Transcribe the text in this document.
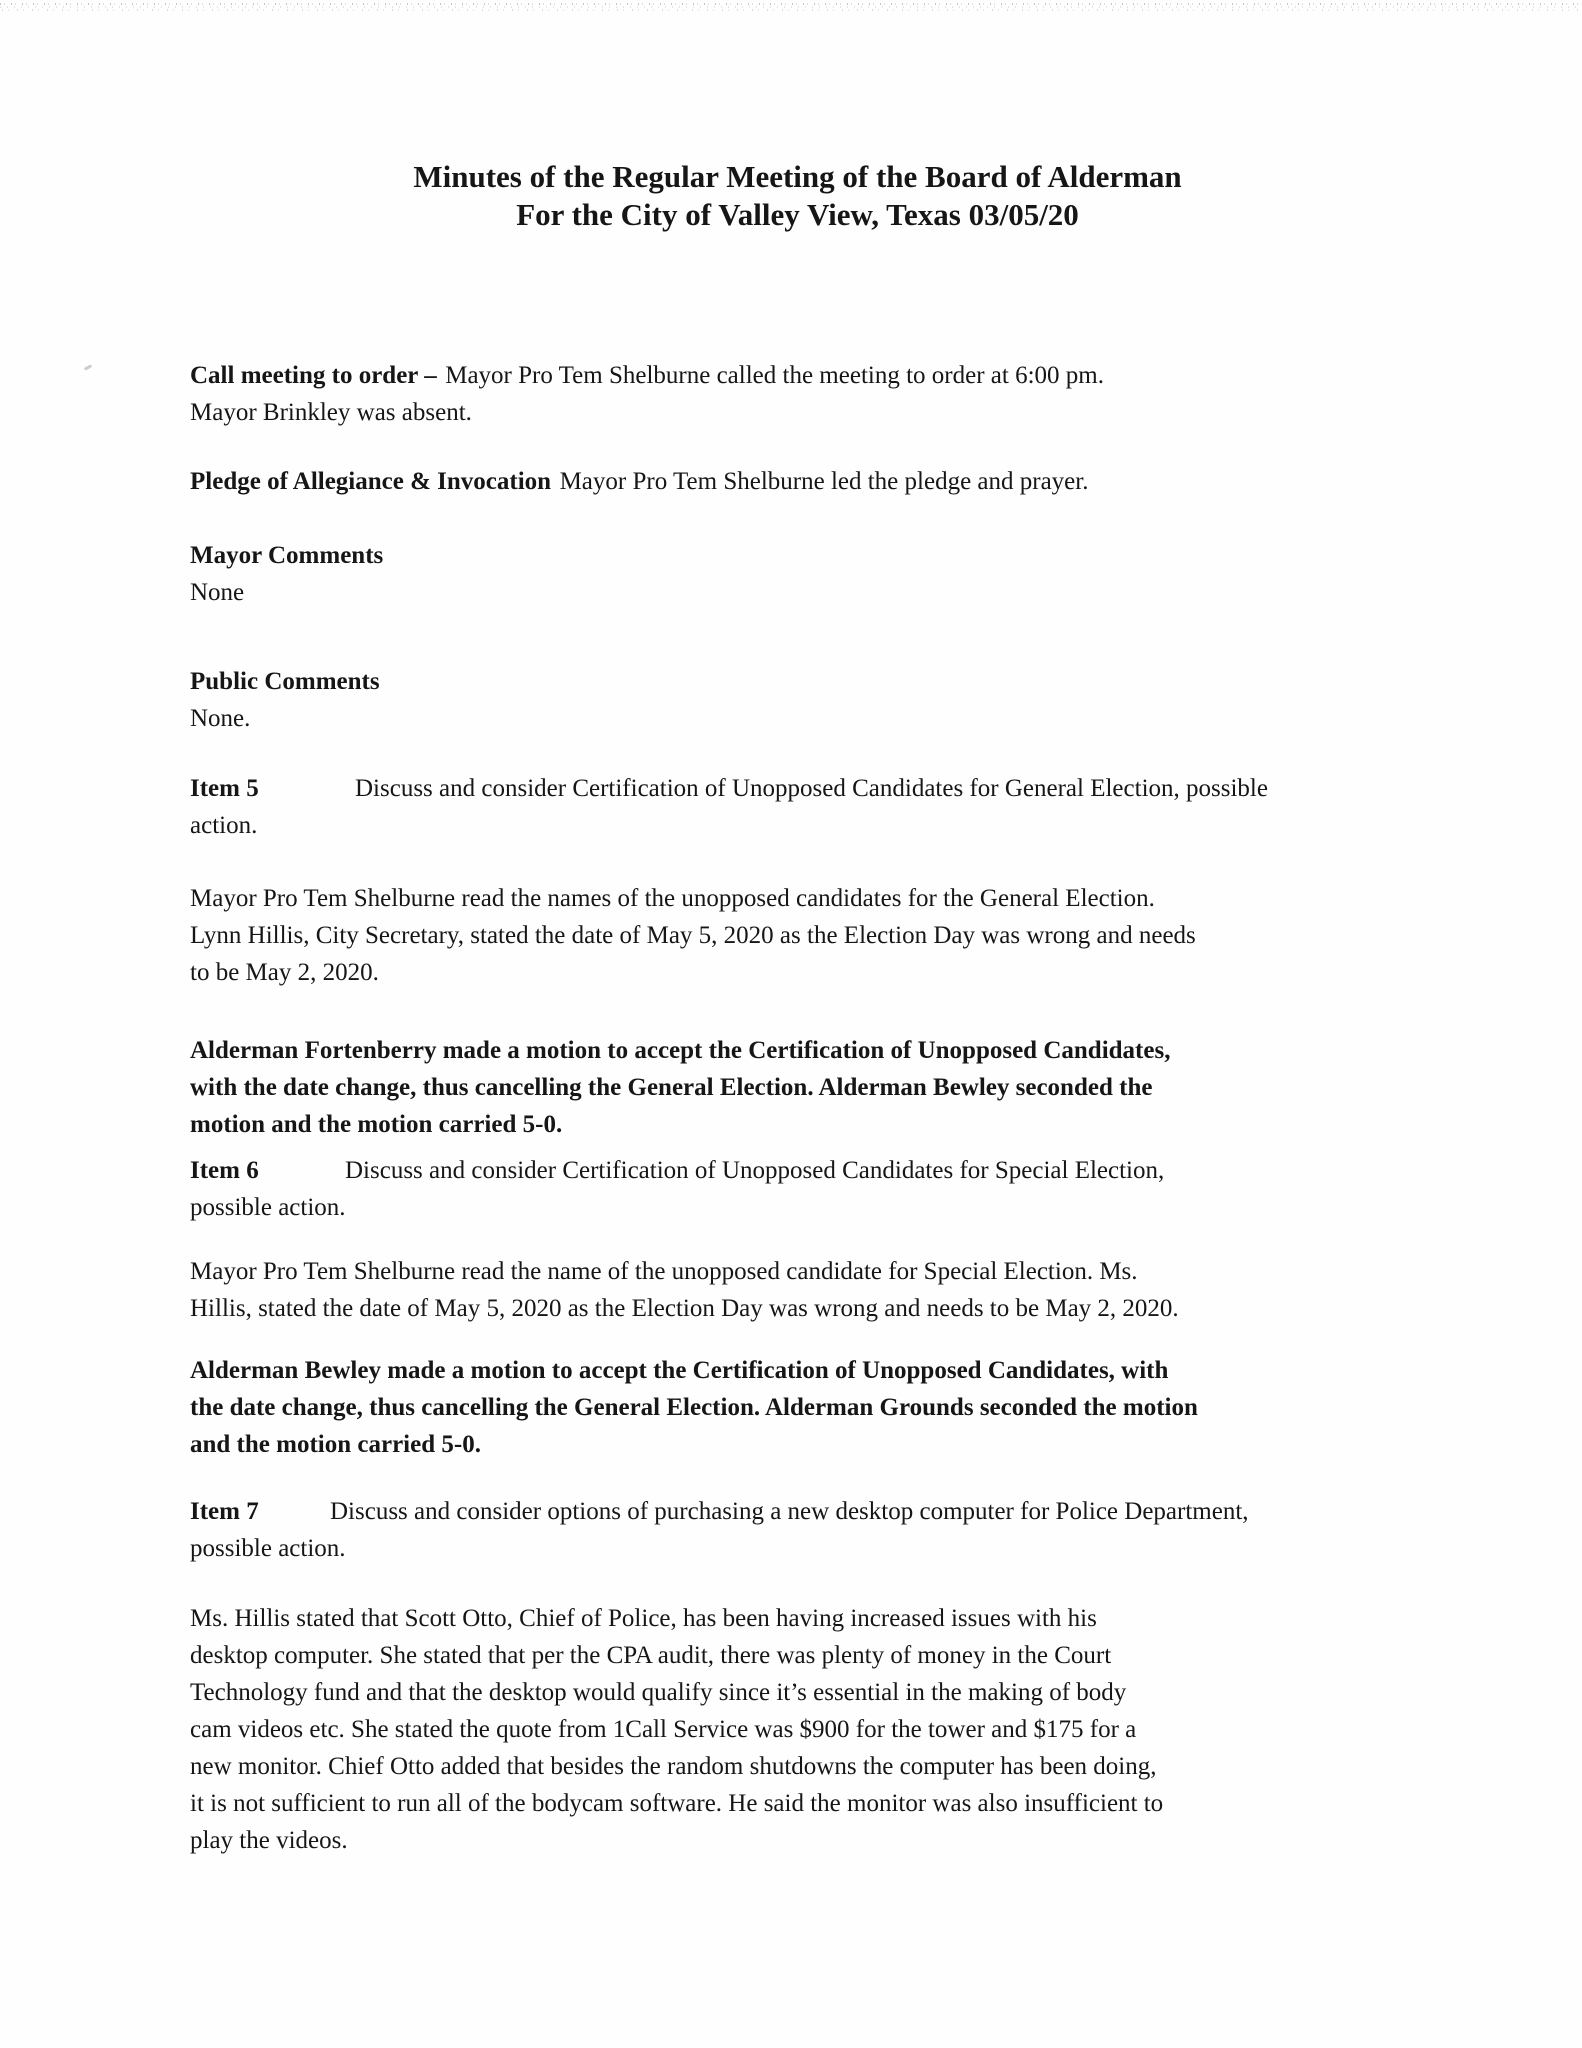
Minutes of the Regular Meeting of the Board of Alderman
For the City of Valley View, Texas 03/05/20

Call meeting to order – Mayor Pro Tem Shelburne called the meeting to order at 6:00 pm.
Mayor Brinkley was absent.

Pledge of Allegiance & Invocation Mayor Pro Tem Shelburne led the pledge and prayer.

Mayor Comments
None
Public Comments
None.

Item 5	Discuss and consider Certification of Unopposed Candidates for General Election, possible
action.

Mayor Pro Tem Shelburne read the names of the unopposed candidates for the General Election.
Lynn Hillis, City Secretary, stated the date of May 5, 2020 as the Election Day was wrong and needs
to be May 2, 2020.

Alderman Fortenberry made a motion to accept the Certification of Unopposed Candidates,
with the date change, thus cancelling the General Election. Alderman Bewley seconded the
motion and the motion carried 5-0.

Item 6	Discuss and consider Certification of Unopposed Candidates for Special Election,
possible action.

Mayor Pro Tem Shelburne read the name of the unopposed candidate for Special Election. Ms.
Hillis, stated the date of May 5, 2020 as the Election Day was wrong and needs to be May 2, 2020.

Alderman Bewley made a motion to accept the Certification of Unopposed Candidates, with
the date change, thus cancelling the General Election. Alderman Grounds seconded the motion
and the motion carried 5-0.

Item 7	Discuss and consider options of purchasing a new desktop computer for Police Department,
possible action.

Ms. Hillis stated that Scott Otto, Chief of Police, has been having increased issues with his
desktop computer. She stated that per the CPA audit, there was plenty of money in the Court
Technology fund and that the desktop would qualify since it’s essential in the making of body
cam videos etc. She stated the quote from 1Call Service was $900 for the tower and $175 for a
new monitor. Chief Otto added that besides the random shutdowns the computer has been doing,
it is not sufficient to run all of the bodycam software. He said the monitor was also insufficient to
play the videos.
